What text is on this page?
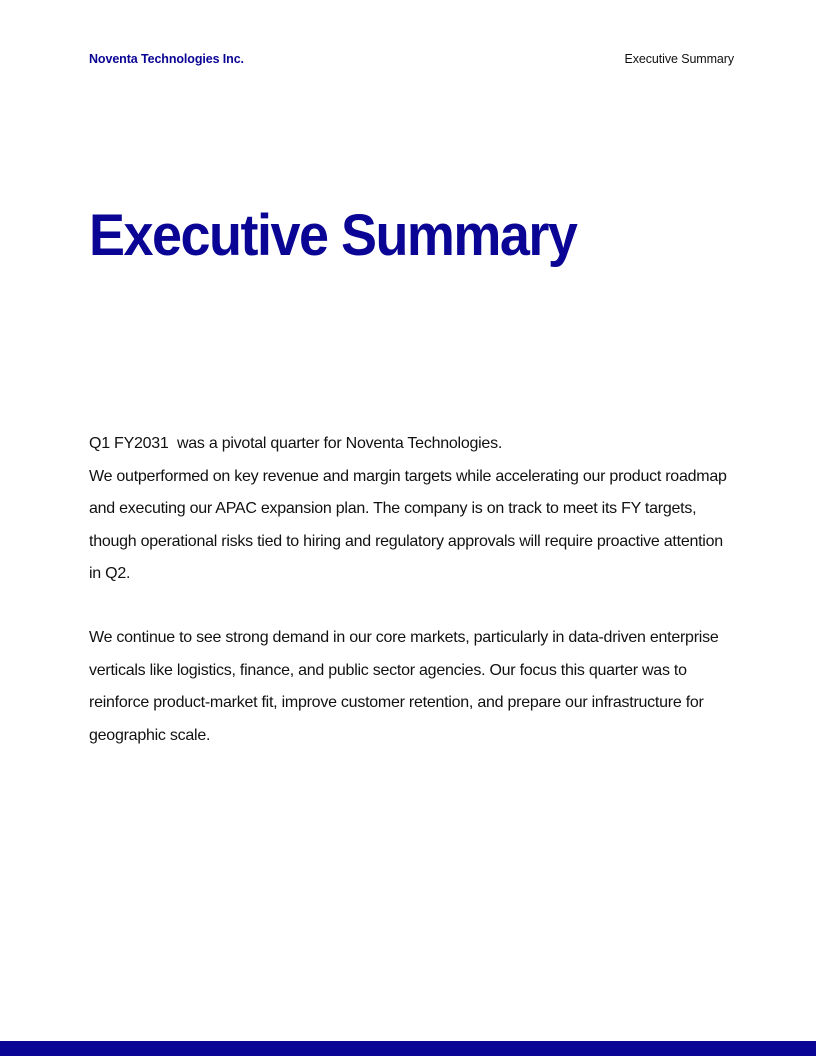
Noventa Technologies Inc.	Executive Summary
Executive Summary

Q1 FY2031  was a pivotal quarter for Noventa Technologies.

We outperformed on key revenue and margin targets while accelerating our product roadmap and executing our APAC expansion plan. The company is on track to meet its FY targets, though operational risks tied to hiring and regulatory approvals will require proactive attention in Q2.

We continue to see strong demand in our core markets, particularly in data-driven enterprise verticals like logistics, finance, and public sector agencies. Our focus this quarter was to reinforce product-market fit, improve customer retention, and prepare our infrastructure for geographic scale.
